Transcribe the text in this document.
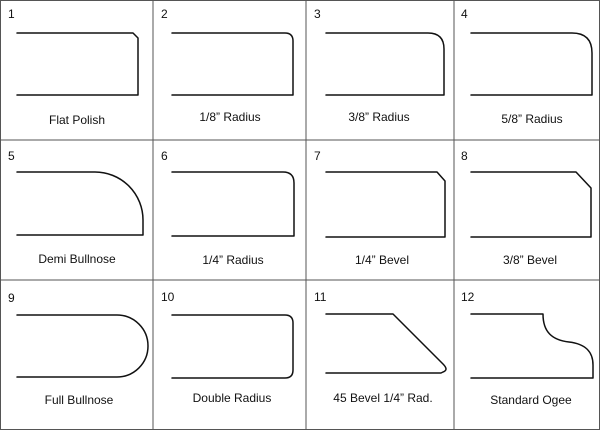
1
Flat Polish
2
1/8” Radius
3
3/8” Radius
4
5/8” Radius
5
Demi Bullnose
6
1/4” Radius
7
1/4” Bevel
8
3/8” Bevel
9
Full Bullnose
10
Double Radius
11
45 Bevel 1/4” Rad.
12
Standard Ogee
